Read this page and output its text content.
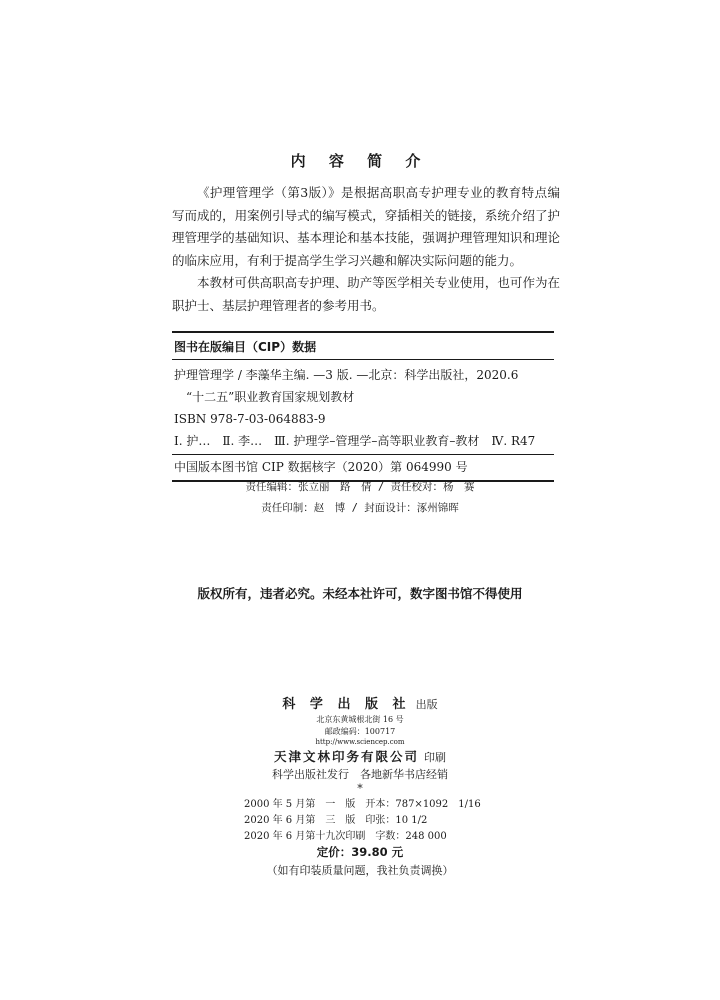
内 容 简 介

《护理管理学（第3版）》是根据高职高专护理专业的教育特点编写而成的，用案例引导式的编写模式，穿插相关的链接，系统介绍了护理管理学的基础知识、基本理论和基本技能，强调护理管理知识和理论的临床应用，有利于提高学生学习兴趣和解决实际问题的能力。

本教材可供高职高专护理、助产等医学相关专业使用，也可作为在职护士、基层护理管理者的参考用书。

图书在版编目（CIP）数据
护理管理学 / 李藻华主编. —3 版. —北京：科学出版社，2020.6
“十二五”职业教育国家规划教材
ISBN 978-7-03-064883-9
Ⅰ. 护…　Ⅱ. 李…　Ⅲ. 护理学–管理学–高等职业教育–教材　Ⅳ. R47
中国版本图书馆 CIP 数据核字（2020）第 064990 号
责任编辑：张立丽　路　倩 / 责任校对：杨　赛
责任印制：赵　博 / 封面设计：涿州锦晖
版权所有，违者必究。未经本社许可，数字图书馆不得使用
科 学 出 版 社 出版
北京东黄城根北街 16 号
邮政编码：100717
http://www.sciencep.com
天津文林印务有限公司 印刷
科学出版社发行　各地新华书店经销
*
2000 年 5 月第　一　版　开本：787×1092　1/16
2020 年 6 月第　三　版　印张：10 1/2
2020 年 6 月第十九次印刷　字数：248 000
定价：39.80 元
（如有印装质量问题，我社负责调换）
